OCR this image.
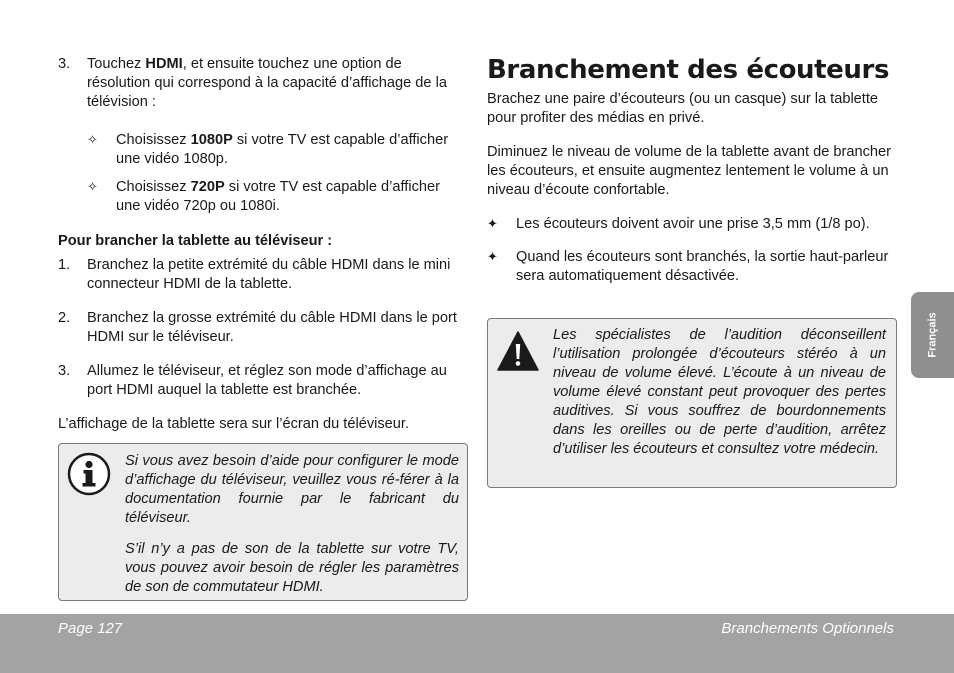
3. Touchez HDMI, et ensuite touchez une option de résolution qui correspond à la capacité d’affichage de la télévision :
✧ Choisissez 1080P si votre TV est capable d’afficher une vidéo 1080p.
✧ Choisissez 720P si votre TV est capable d’afficher une vidéo 720p ou 1080i.

Pour brancher la tablette au téléviseur :

1. Branchez la petite extrémité du câble HDMI dans le mini connecteur HDMI de la tablette.
2. Branchez la grosse extrémité du câble HDMI dans le port HDMI sur le téléviseur.
3. Allumez le téléviseur, et réglez son mode d’affichage au port HDMI auquel la tablette est branchée.

L’affichage de la tablette sera sur l’écran du téléviseur.

Si vous avez besoin d’aide pour configurer le mode d’affichage du téléviseur, veuillez vous ré-férer à la documentation fournie par le fabricant du téléviseur.

S’il n’y a pas de son de la tablette sur votre TV, vous pouvez avoir besoin de régler les paramètres de son de commutateur HDMI.

Branchement des écouteurs

Brachez une paire d’écouteurs (ou un casque) sur la tablette pour profiter des médias en privé.

Diminuez le niveau de volume de la tablette avant de brancher les écouteurs, et ensuite augmentez lentement le volume à un niveau d’écoute confortable.

✦ Les écouteurs doivent avoir une prise 3,5 mm (1/8 po).
✦ Quand les écouteurs sont branchés, la sortie haut-parleur sera automatiquement désactivée.
Les spécialistes de l’audition déconseillent l’utilisation prolongée d’écouteurs stéréo à un niveau de volume élevé. L’écoute à un niveau de volume élevé constant peut provoquer des pertes auditives. Si vous souffrez de bourdonnements dans les oreilles ou de perte d’audition, arrêtez d’utiliser les écouteurs et consultez votre médecin.
Français
Page 127	Branchements Optionnels
